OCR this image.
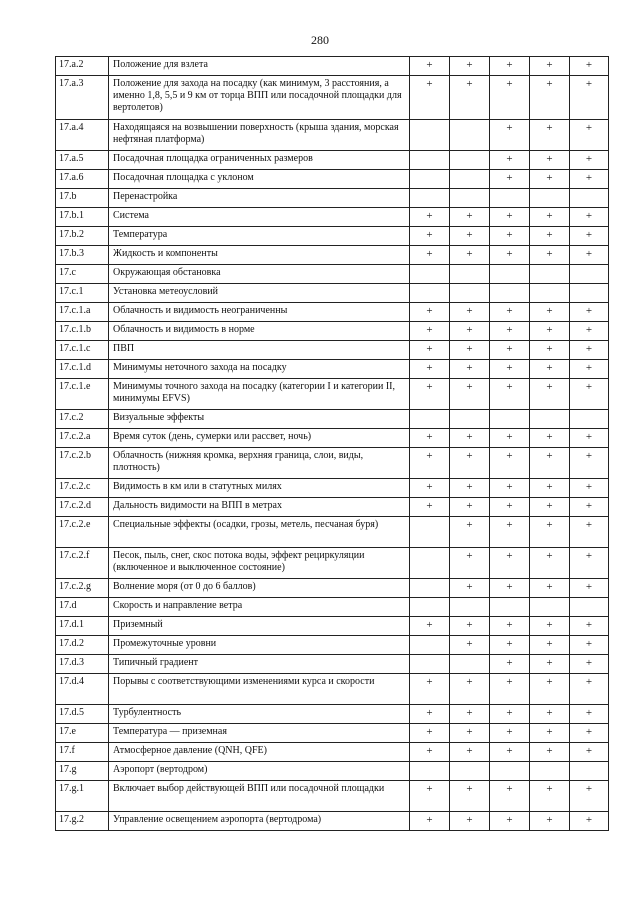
280
17.a.2	Положение для взлета	+	+	+	+	+
17.a.3	Положение для захода на посадку (как минимум, 3 расстояния, а именно 1,8, 5,5 и 9 км от торца ВПП или посадочной площадки для вертолетов)	+	+	+	+	+
17.a.4	Находящаяся на возвышении поверхность (крыша здания, морская нефтяная платформа)			+	+	+
17.a.5	Посадочная площадка ограниченных размеров			+	+	+
17.a.6	Посадочная площадка с уклоном			+	+	+
17.b	Перенастройка					
17.b.1	Система	+	+	+	+	+
17.b.2	Температура	+	+	+	+	+
17.b.3	Жидкость и компоненты	+	+	+	+	+
17.c	Окружающая обстановка					
17.c.1	Установка метеоусловий					
17.c.1.a	Облачность и видимость неограниченны	+	+	+	+	+
17.c.1.b	Облачность и видимость в норме	+	+	+	+	+
17.c.1.c	ПВП	+	+	+	+	+
17.c.1.d	Минимумы неточного захода на посадку	+	+	+	+	+
17.c.1.e	Минимумы точного захода на посадку (категории I и категории II, минимумы EFVS)	+	+	+	+	+
17.c.2	Визуальные эффекты					
17.c.2.a	Время суток (день, сумерки или рассвет, ночь)	+	+	+	+	+
17.c.2.b	Облачность (нижняя кромка, верхняя граница, слои, виды, плотность)	+	+	+	+	+
17.c.2.c	Видимость в км или в статутных милях	+	+	+	+	+
17.c.2.d	Дальность видимости на ВПП в метрах	+	+	+	+	+
17.c.2.e	Специальные эффекты (осадки, грозы, метель, песчаная буря)		+	+	+	+
17.c.2.f	Песок, пыль, снег, скос потока воды, эффект рециркуляции (включенное и выключенное состояние)		+	+	+	+
17.c.2.g	Волнение моря (от 0 до 6 баллов)		+	+	+	+
17.d	Скорость и направление ветра					
17.d.1	Приземный	+	+	+	+	+
17.d.2	Промежуточные уровни		+	+	+	+
17.d.3	Типичный градиент			+	+	+
17.d.4	Порывы с соответствующими изменениями курса и скорости	+	+	+	+	+
17.d.5	Турбулентность	+	+	+	+	+
17.e	Температура — приземная	+	+	+	+	+
17.f	Атмосферное давление (QNH, QFE)	+	+	+	+	+
17.g	Аэропорт (вертодром)					
17.g.1	Включает выбор действующей ВПП или посадочной площадки	+	+	+	+	+
17.g.2	Управление освещением аэропорта (вертодрома)	+	+	+	+	+
